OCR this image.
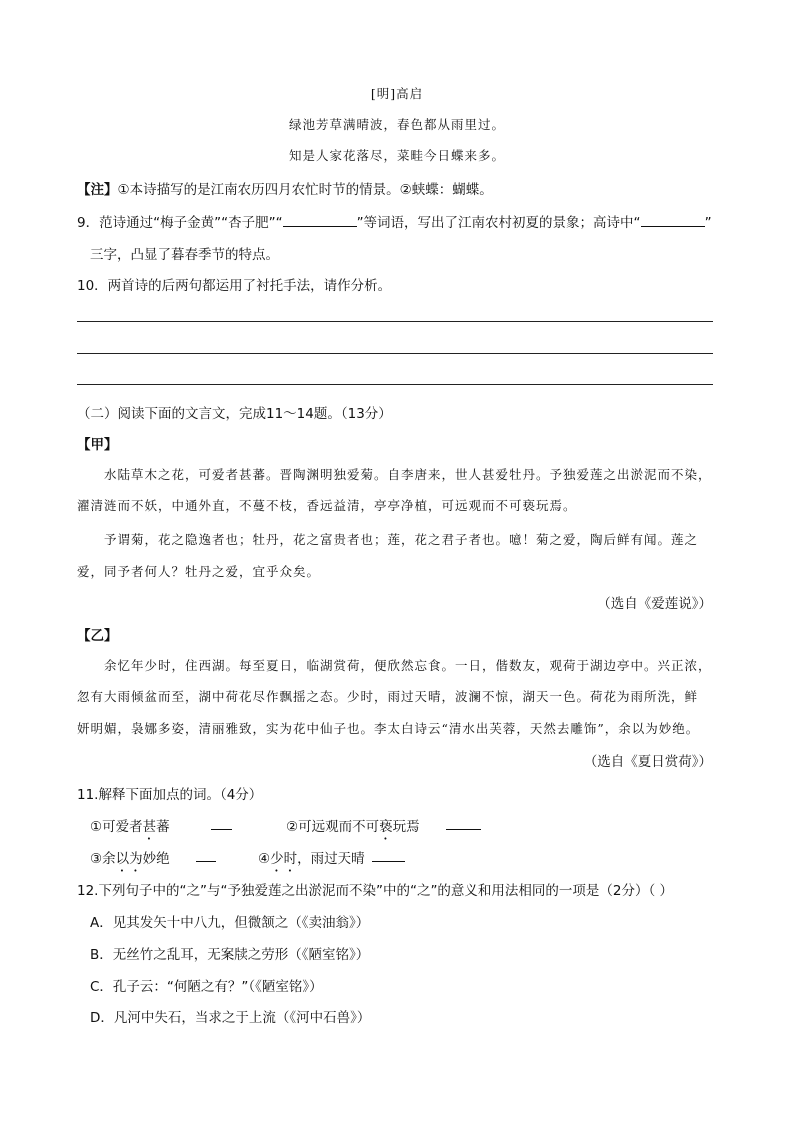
[明]高启
绿池芳草满晴波，春色都从雨里过。
知是人家花落尽，菜畦今日蝶来多。
【注】①本诗描写的是江南农历四月农忙时节的情景。②蛱蝶：蝴蝶。
9．范诗通过“梅子金黄”“杏子肥”“	”等词语，写出了江南农村初夏的景象；高诗中“	”
三字，凸显了暮春季节的特点。
10．两首诗的后两句都运用了衬托手法，请作分析。
（二）阅读下面的文言文，完成11～14题。（13分）
【甲】
水陆草木之花，可爱者甚蕃。晋陶渊明独爱菊。自李唐来，世人甚爱牡丹。予独爱莲之出淤泥而不染，
濯清涟而不妖，中通外直，不蔓不枝，香远益清，亭亭净植，可远观而不可亵玩焉。
予谓菊，花之隐逸者也；牡丹，花之富贵者也；莲，花之君子者也。噫！菊之爱，陶后鲜有闻。莲之
爱，同予者何人？牡丹之爱，宜乎众矣。
（选自《爱莲说》）
【乙】
余忆年少时，住西湖。每至夏日，临湖赏荷，便欣然忘食。一日，偕数友，观荷于湖边亭中。兴正浓，
忽有大雨倾盆而至，湖中荷花尽作飘摇之态。少时，雨过天晴，波澜不惊，湖天一色。荷花为雨所洗，鲜
妍明媚，袅娜多姿，清丽雅致，实为花中仙子也。李太白诗云“清水出芙蓉，天然去雕饰”，余以为妙绝。
（选自《夏日赏荷》）
11.解释下面加点的词。（4分）
①可爱者甚蕃	②可远观而不可亵玩焉
③余以为妙绝	④少时，雨过天晴
12.下列句子中的“之”与“予独爱莲之出淤泥而不染”中的“之”的意义和用法相同的一项是（2分）（ ）
A．见其发矢十中八九，但微颔之（《卖油翁》）
B．无丝竹之乱耳，无案牍之劳形（《陋室铭》）
C．孔子云：“何陋之有？”（《陋室铭》）
D．凡河中失石，当求之于上流（《河中石兽》）
